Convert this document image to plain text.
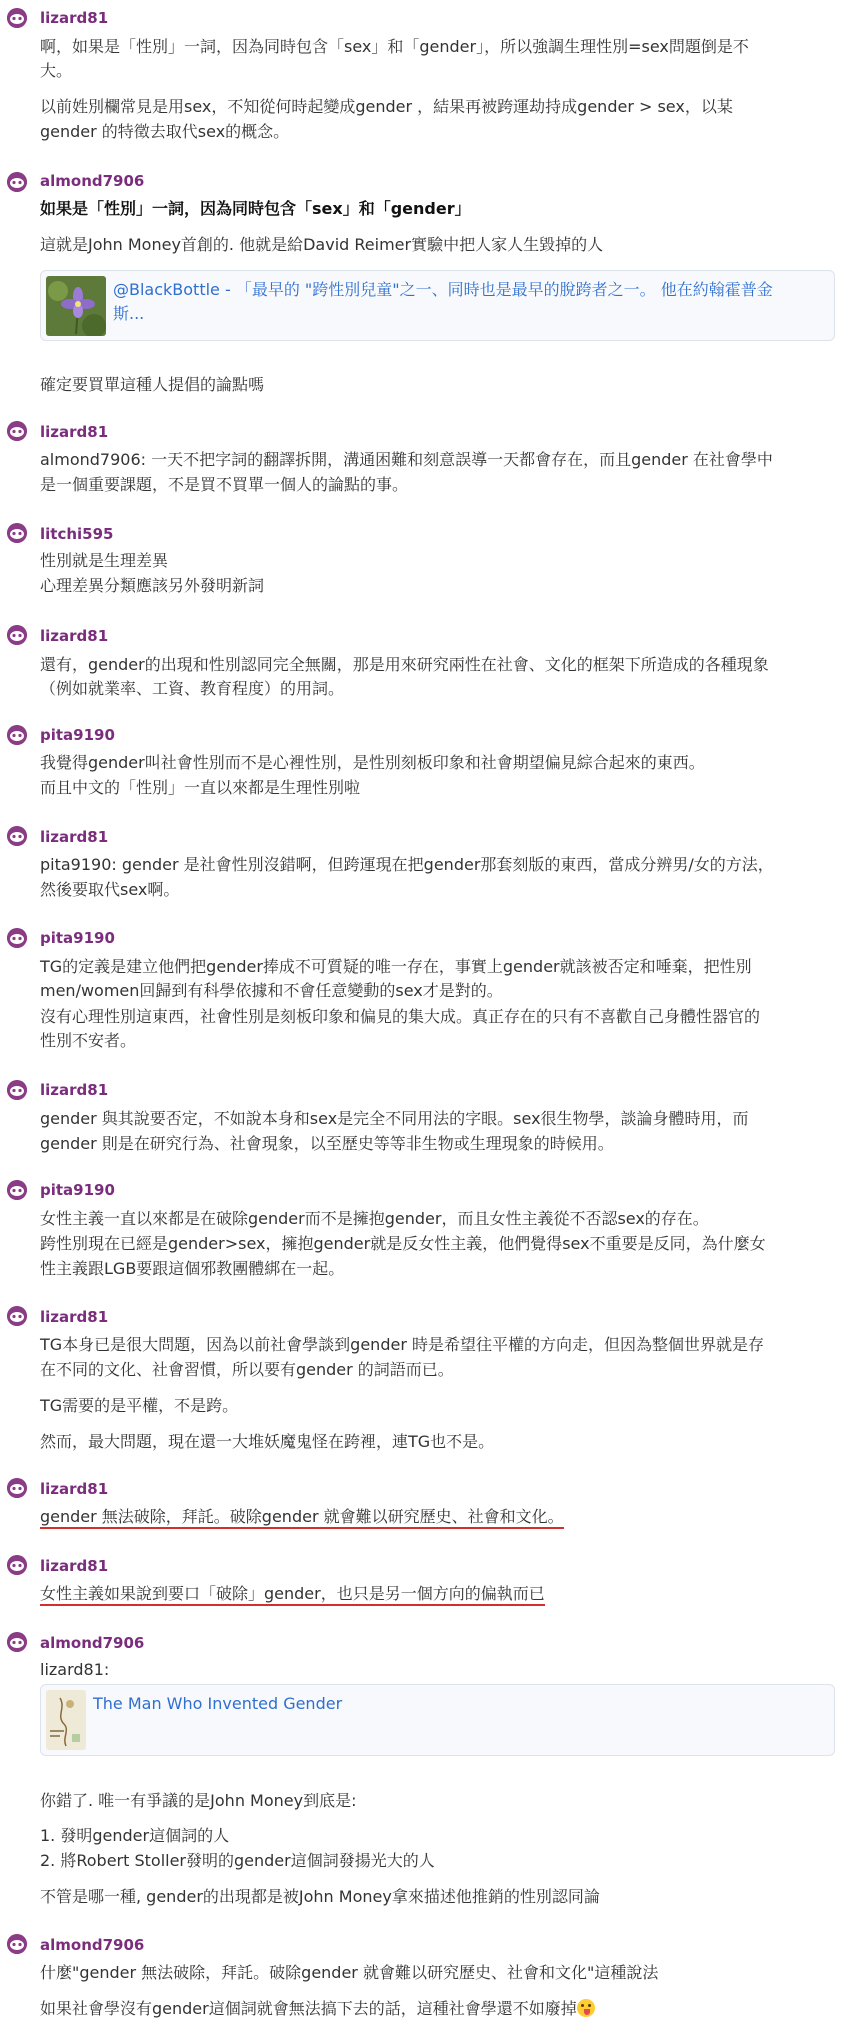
lizard81
啊，如果是「性別」一詞，因為同時包含「sex」和「gender」，所以強調生理性別=sex問題倒是不
大。
以前姓別欄常見是用sex，不知從何時起變成gender ，結果再被跨運劫持成gender > sex，以某
gender 的特徵去取代sex的概念。
almond7906
如果是「性別」一詞，因為同時包含「sex」和「gender」
這就是John Money首創的. 他就是給David Reimer實驗中把人家人生毀掉的人
@BlackBottle - 「最早的 "跨性別兒童"之一、同時也是最早的脫跨者之一。 他在約翰霍普金
斯...
確定要買單這種人提倡的論點嗎
lizard81
almond7906: 一天不把字詞的翻譯拆開，溝通困難和刻意誤導一天都會存在，而且gender 在社會學中
是一個重要課題，不是買不買單一個人的論點的事。
litchi595
性別就是生理差異
心理差異分類應該另外發明新詞
lizard81
還有，gender的出現和性別認同完全無關，那是用來研究兩性在社會、文化的框架下所造成的各種現象
（例如就業率、工資、教育程度）的用詞。
pita9190
我覺得gender叫社會性別而不是心裡性別，是性別刻板印象和社會期望偏見綜合起來的東西。
而且中文的「性別」一直以來都是生理性別啦
lizard81
pita9190: gender 是社會性別沒錯啊，但跨運現在把gender那套刻版的東西，當成分辨男/女的方法，
然後要取代sex啊。
pita9190
TG的定義是建立他們把gender捧成不可質疑的唯一存在，事實上gender就該被否定和唾棄，把性別
men/women回歸到有科學依據和不會任意變動的sex才是對的。
沒有心理性別這東西，社會性別是刻板印象和偏見的集大成。真正存在的只有不喜歡自己身體性器官的
性別不安者。
lizard81
gender 與其說要否定，不如說本身和sex是完全不同用法的字眼。sex很生物學，談論身體時用，而
gender 則是在研究行為、社會現象，以至歷史等等非生物或生理現象的時候用。
pita9190
女性主義一直以來都是在破除gender而不是擁抱gender，而且女性主義從不否認sex的存在。
跨性別現在已經是gender>sex，擁抱gender就是反女性主義，他們覺得sex不重要是反同，為什麼女
性主義跟LGB要跟這個邪教團體綁在一起。
lizard81
TG本身已是很大問題，因為以前社會學談到gender 時是希望往平權的方向走，但因為整個世界就是存
在不同的文化、社會習慣，所以要有gender 的詞語而已。
TG需要的是平權，不是跨。
然而，最大問題，現在還一大堆妖魔鬼怪在跨裡，連TG也不是。
lizard81
gender 無法破除，拜託。破除gender 就會難以研究歷史、社會和文化。
lizard81
女性主義如果說到要口「破除」gender，也只是另一個方向的偏執而已
almond7906
lizard81:
The Man Who Invented Gender
你錯了. 唯一有爭議的是John Money到底是:
1. 發明gender這個詞的人
2. 將Robert Stoller發明的gender這個詞發揚光大的人
不管是哪一種, gender的出現都是被John Money拿來描述他推銷的性別認同論
almond7906
什麼"gender 無法破除，拜託。破除gender 就會難以研究歷史、社會和文化"這種說法
如果社會學沒有gender這個詞就會無法搞下去的話，這種社會學還不如廢掉
